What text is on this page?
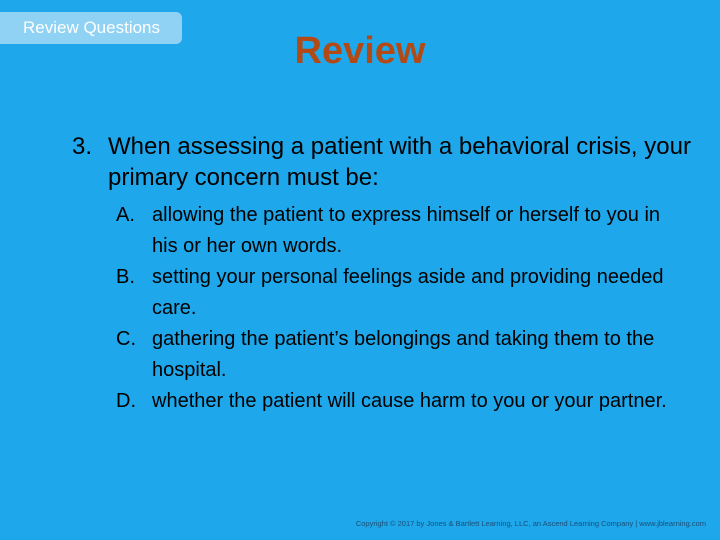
Review Questions
Review
3. When assessing a patient with a behavioral crisis, your primary concern must be:
A. allowing the patient to express himself or herself to you in his or her own words.
B. setting your personal feelings aside and providing needed care.
C. gathering the patient’s belongings and taking them to the hospital.
D. whether the patient will cause harm to you or your partner.
Copyright © 2017 by Jones & Bartlett Learning, LLC, an Ascend Learning Company | www.jblearning.com
